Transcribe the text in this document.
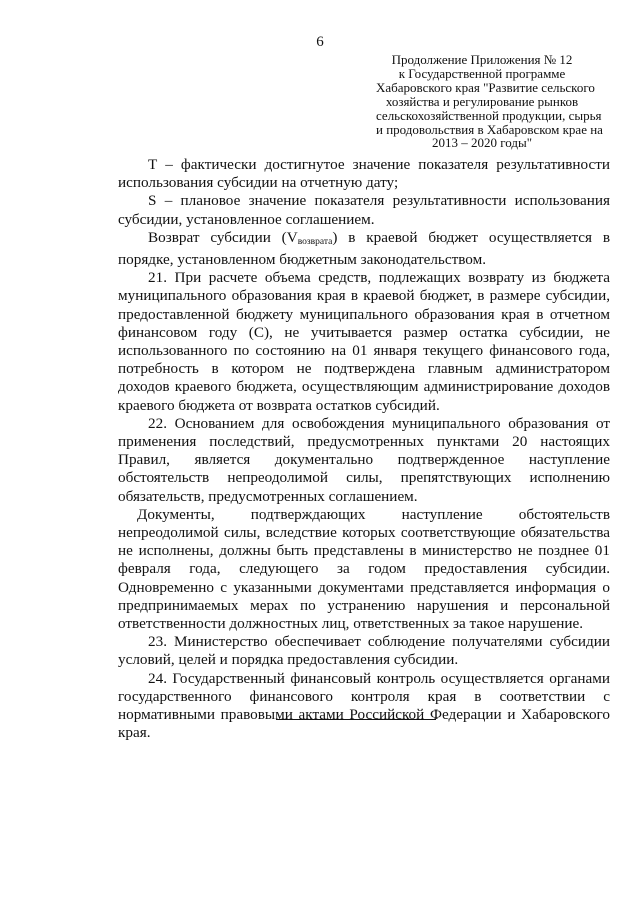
6
Продолжение Приложения № 12
к Государственной программе
Хабаровского края "Развитие сельского
хозяйства и регулирование рынков
сельскохозяйственной продукции, сырья
и продовольствия в Хабаровском крае на
2013 – 2020 годы"

Т – фактически достигнутое значение показателя результативности использования субсидии на отчетную дату;

S – плановое значение показателя результативности использования субсидии, установленное соглашением.

Возврат субсидии $(V_{возврата})$ в краевой бюджет осуществляется в порядке, установленном бюджетным законодательством.

21. При расчете объема средств, подлежащих возврату из бюджета муниципального образования края в краевой бюджет, в размере субсидии, предоставленной бюджету муниципального образования края в отчетном финансовом году (С), не учитывается размер остатка субсидии, не использованного по состоянию на 01 января текущего финансового года, потребность в котором не подтверждена главным администратором доходов краевого бюджета, осуществляющим администрирование доходов краевого бюджета от возврата остатков субсидий.

22. Основанием для освобождения муниципального образования от применения последствий, предусмотренных пунктами 20 настоящих Правил, является документально подтвержденное наступление обстоятельств непреодолимой силы, препятствующих исполнению обязательств, предусмотренных соглашением.

Документы, подтверждающих наступление обстоятельств непреодолимой силы, вследствие которых соответствующие обязательства не исполнены, должны быть представлены в министерство не позднее 01 февраля года, следующего за годом предоставления субсидии. Одновременно с указанными документами представляется информация о предпринимаемых мерах по устранению нарушения и персональной ответственности должностных лиц, ответственных за такое нарушение.

23. Министерство обеспечивает соблюдение получателями субсидии условий, целей и порядка предоставления субсидии.

24. Государственный финансовый контроль осуществляется органами государственного финансового контроля края в соответствии с нормативными правовыми актами Российской Федерации и Хабаровского края.
